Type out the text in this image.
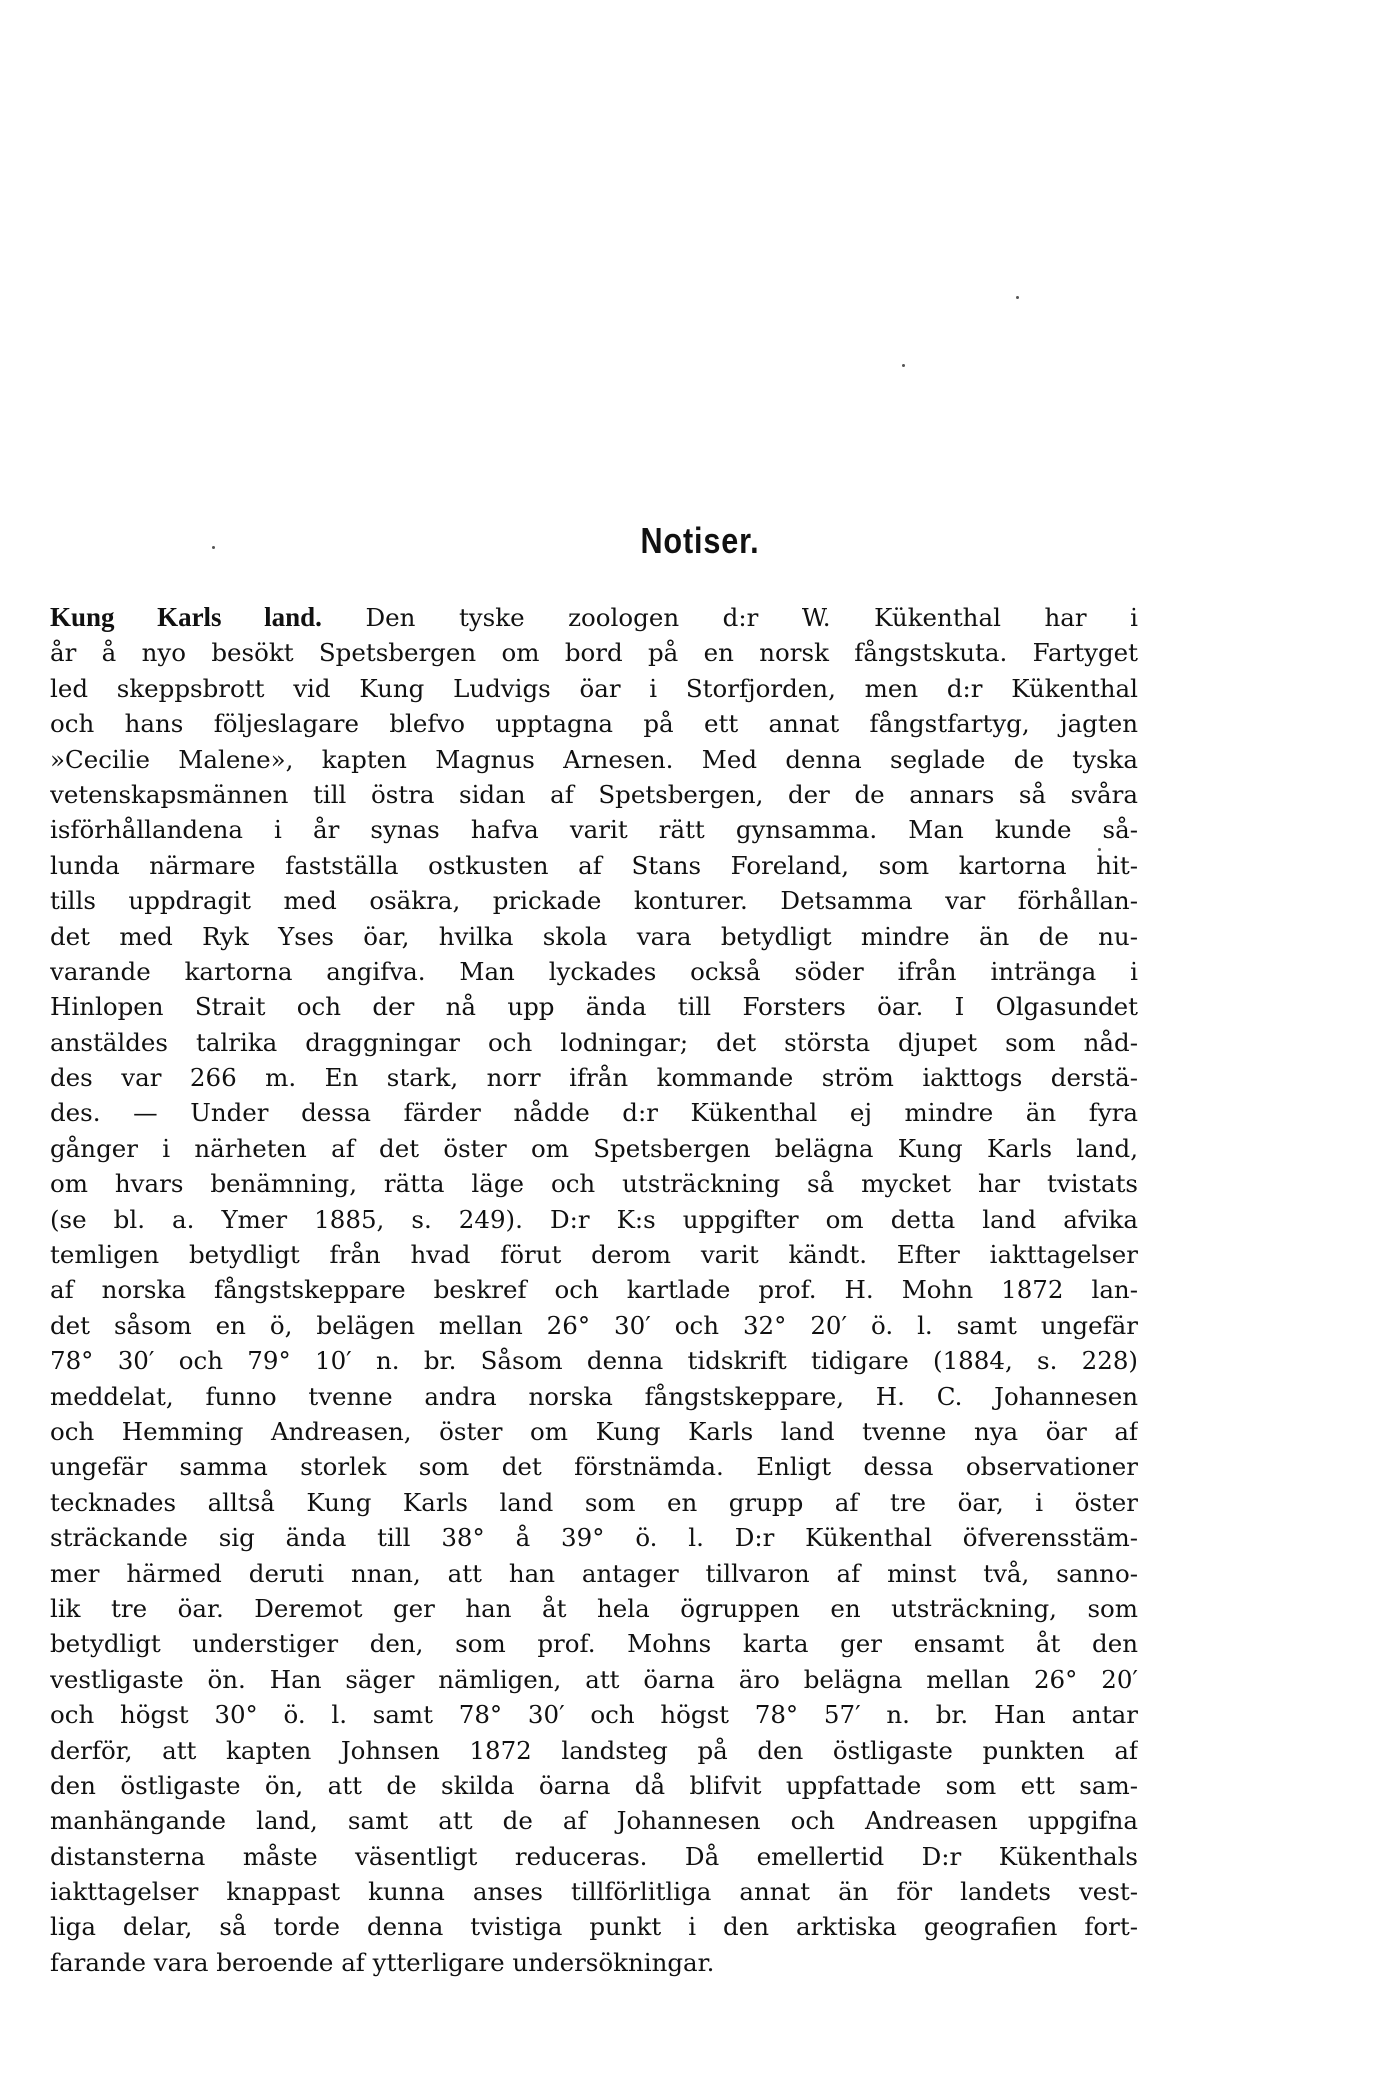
Notiser.
Kung Karls land. Den tyske zoologen d:r W. Kükenthal har i
år å nyo besökt Spetsbergen om bord på en norsk fångstskuta. Fartyget
led skeppsbrott vid Kung Ludvigs öar i Storfjorden, men d:r Kükenthal
och hans följeslagare blefvo upptagna på ett annat fångstfartyg, jagten
»Cecilie Malene», kapten Magnus Arnesen. Med denna seglade de tyska
vetenskapsmännen till östra sidan af Spetsbergen, der de annars så svåra
isförhållandena i år synas hafva varit rätt gynsamma. Man kunde så-
lunda närmare fastställa ostkusten af Stans Foreland, som kartorna hit-
tills uppdragit med osäkra, prickade konturer. Detsamma var förhållan-
det med Ryk Yses öar, hvilka skola vara betydligt mindre än de nu-
varande kartorna angifva. Man lyckades också söder ifrån inträngа i
Hinlopen Strait och der nå upp ända till Forsters öar. I Olgasundet
anstäldes talrika draggningar och lodningar; det största djupet som nåd-
des var 266 m. En stark, norr ifrån kommande ström iakttogs derstä-
des. — Under dessa färder nådde d:r Kükenthal ej mindre än fyra
gånger i närheten af det öster om Spetsbergen belägna Kung Karls land,
om hvars benämning, rätta läge och utsträckning så mycket har tvistats
(se bl. a. Ymer 1885, s. 249). D:r K:s uppgifter om detta land afvika
temligen betydligt från hvad förut derom varit kändt. Efter iakttagelser
af norska fångstskeppare beskref och kartlade prof. H. Mohn 1872 lan-
det såsom en ö, belägen mellan 26° 30′ och 32° 20′ ö. l. samt ungefär
78° 30′ och 79° 10′ n. br. Såsom denna tidskrift tidigare (1884, s. 228)
meddelat, funno tvenne andra norska fångstskeppare, H. C. Johannesen
och Hemming Andreasen, öster om Kung Karls land tvenne nya öar af
ungefär samma storlek som det förstnämda. Enligt dessa observationer
tecknades alltså Kung Karls land som en grupp af tre öar, i öster
sträckande sig ända till 38° å 39° ö. l. D:r Kükenthal öfverensstäm-
mer härmed deruti nnan, att han antager tillvaron af minst två, sanno-
lik tre öar. Deremot ger han åt hela ögruppen en utsträckning, som
betydligt understiger den, som prof. Mohns karta ger ensamt åt den
vestligaste ön. Han säger nämligen, att öarna äro belägna mellan 26° 20′
och högst 30° ö. l. samt 78° 30′ och högst 78° 57′ n. br. Han antar
derför, att kapten Johnsen 1872 landsteg på den östligaste punkten af
den östligaste ön, att de skilda öarna då blifvit uppfattade som ett sam-
manhängande land, samt att de af Johannesen och Andreasen uppgifna
distansterna måste väsentligt reduceras. Då emellertid D:r Kükenthals
iakttagelser knappast kunna anses tillförlitliga annat än för landets vest-
liga delar, så torde denna tvistiga punkt i den arktiska geografien fort-
farande vara beroende af ytterligare undersökningar.
